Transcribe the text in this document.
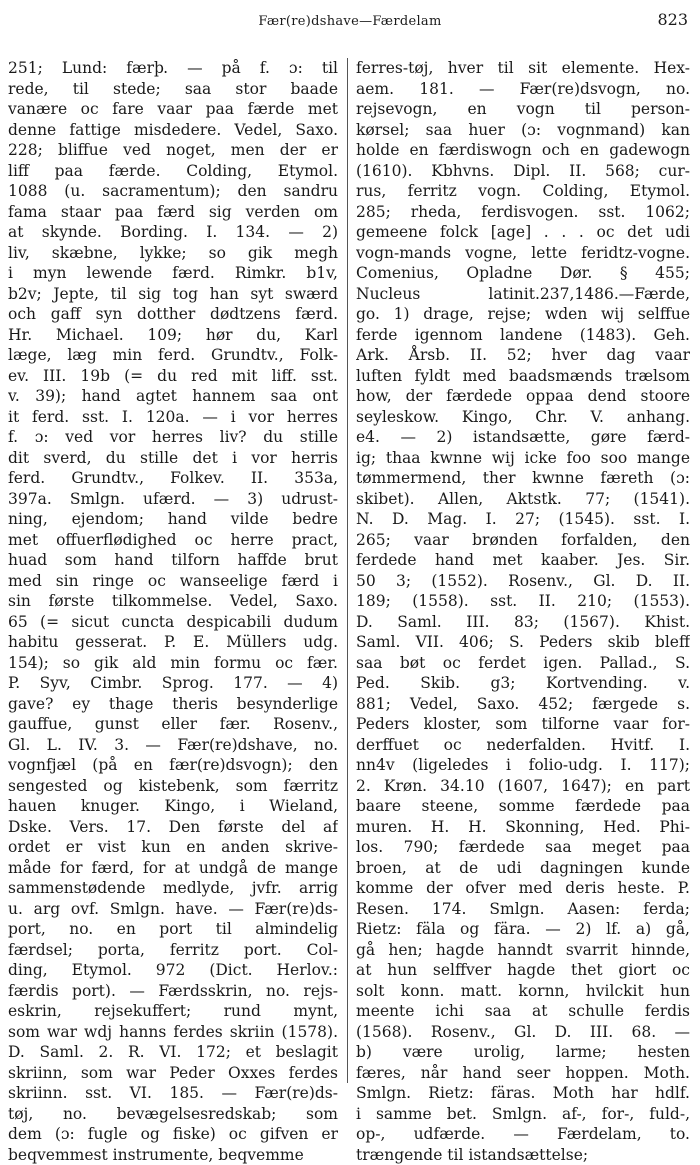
Fær(re)dshave—Færdelam	823
251; Lund: færþ. — på f. ɔ: til
rede, til stede; saa stor baade
vanære oc fare vaar paa færde met
denne fattige misdedere. Vedel, Saxo.
228; bliffue ved noget, men der er
liff paa færde. Colding, Etymol.
1088 (u. sacramentum); den sandru
fama staar paa færd sig verden om
at skynde. Bording. I. 134. — 2)
liv, skæbne, lykke; so gik megh
i myn lewende færd. Rimkr. b1v,
b2v; Jepte, til sig tog han syt swærd
och gaff syn dotther dødtzens færd.
Hr. Michael. 109; hør du, Karl
læge, læg min ferd. Grundtv., Folk-
ev. III. 19b (= du red mit liff. sst.
v. 39); hand agtet hannem saa ont
it ferd. sst. I. 120a. — i vor herres
f. ɔ: ved vor herres liv? du stille
dit sverd, du stille det i vor herris
ferd. Grundtv., Folkev. II. 353a,
397a. Smlgn. ufærd. — 3) udrust-
ning, ejendom; hand vilde bedre
met offuerflødighed oc herre pract,
huad som hand tilforn haffde brut
med sin ringe oc wanseelige færd i
sin første tilkommelse. Vedel, Saxo.
65 (= sicut cuncta despicabili dudum
habitu gesserat. P. E. Müllers udg.
154); so gik ald min formu oc fær.
P. Syv, Cimbr. Sprog. 177. — 4)
gave? ey thage theris besynderlige
gauffue, gunst eller fær. Rosenv.,
Gl. L. IV. 3. — Fær(re)dshave, no.
vognfjæl (på en fær(re)dsvogn); den
sengested og kistebenk, som færritz
hauen knuger. Kingo, i Wieland,
Dske. Vers. 17. Den første del af
ordet er vist kun en anden skrive-
måde for færd, for at undgå de mange
sammenstødende medlyde, jvfr. arrig
u. arg ovf. Smlgn. have. — Fær(re)ds-
port, no. en port til almindelig
færdsel; porta, ferritz port. Col-
ding, Etymol. 972 (Dict. Herlov.:
færdis port). — Færdsskrin, no. rejs-
eskrin, rejsekuffert; rund mynt,
som war wdj hanns ferdes skriin (1578).
D. Saml. 2. R. VI. 172; et beslagit
skriinn, som war Peder Oxxes ferdes
skriinn. sst. VI. 185. — Fær(re)ds-
tøj, no. bevægelsesredskab; som
dem (ɔ: fugle og fiske) oc gifven er
beqvemmest instrumente, beqvemme
ferres-tøj, hver til sit elemente. Hex-
aem. 181. — Fær(re)dsvogn, no.
rejsevogn, en vogn til person-
kørsel; saa huer (ɔ: vognmand) kan
holde en færdiswogn och en gadewogn
(1610). Kbhvns. Dipl. II. 568; cur-
rus, ferritz vogn. Colding, Etymol.
285; rheda, ferdisvogen. sst. 1062;
gemeene folck [age] . . . oc det udi
vogn-mands vogne, lette feridtz-vogne.
Comenius, Opladne Dør. § 455;
Nucleus latinit.237,1486.—Færde,
go. 1) drage, rejse; wden wij selffue
ferde igennom landene (1483). Geh.
Ark. Årsb. II. 52; hver dag vaar
luften fyldt med baadsmænds trælsom
how, der færdede oppaa dend stoore
seyleskow. Kingo, Chr. V. anhang.
e4. — 2) istandsætte, gøre færd-
ig; thaa kwnne wij icke foo soo mange
tømmermend, ther kwnne færeth (ɔ:
skibet). Allen, Aktstk. 77; (1541).
N. D. Mag. I. 27; (1545). sst. I.
265; vaar brønden forfalden, den
ferdede hand met kaaber. Jes. Sir.
50 3; (1552). Rosenv., Gl. D. II.
189; (1558). sst. II. 210; (1553).
D. Saml. III. 83; (1567). Khist.
Saml. VII. 406; S. Peders skib bleff
saa bøt oc ferdet igen. Pallad., S.
Ped. Skib. g3; Kortvending. v.
881; Vedel, Saxo. 452; færgede s.
Peders kloster, som tilforne vaar for-
derffuet oc nederfalden. Hvitf. I.
nn4v (ligeledes i folio-udg. I. 117);
2. Krøn. 34.10 (1607, 1647); en part
baare steene, somme færdede paa
muren. H. H. Skonning, Hed. Phi-
los. 790; færdede saa meget paa
broen, at de udi dagningen kunde
komme der ofver med deris heste. P.
Resen. 174. Smlgn. Aasen: ferda;
Rietz: fäla og fära. — 2) lf. a) gå,
gå hen; hagde hanndt svarrit hinnde,
at hun selffver hagde thet giort oc
solt konn. matt. kornn, hvilckit hun
meente ichi saa at schulle ferdis
(1568). Rosenv., Gl. D. III. 68. —
b) være urolig, larme; hesten
færes, når hand seer hoppen. Moth.
Smlgn. Rietz: färas. Moth har hdlf.
i samme bet. Smlgn. af-, for-, fuld-,
op-, udfærde. — Færdelam, to.
trængende til istandsættelse;
